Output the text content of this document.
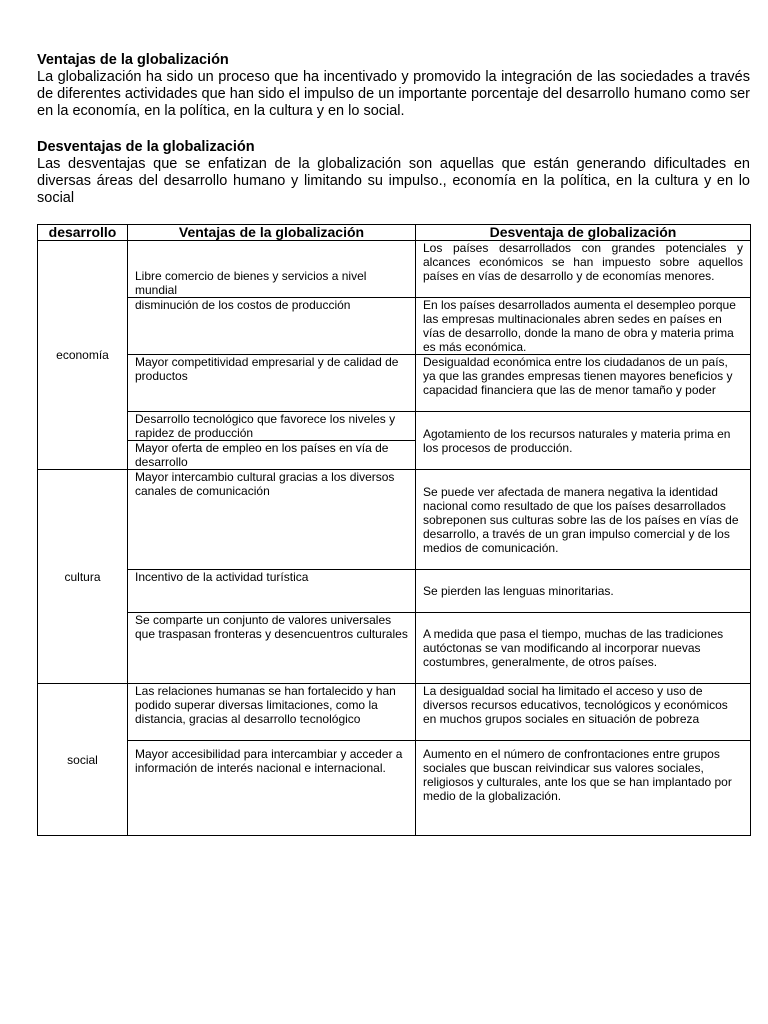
Ventajas de la globalización

La globalización ha sido un proceso que ha incentivado y promovido la integración de las sociedades a través de diferentes actividades que han sido el impulso de un importante porcentaje del desarrollo humano como ser en la economía, en la política, en la cultura y en lo social.

Desventajas de la globalización

Las desventajas que se enfatizan de la globalización son aquellas que están generando dificultades en diversas áreas del desarrollo humano y limitando su impulso., economía en la política, en la cultura y en lo social

desarrollo	Ventajas de la globalización	Desventaja de globalización
economía	Libre comercio de bienes y servicios a nivel mundial	Los países desarrollados con grandes potenciales y alcances económicos se han impuesto sobre aquellos países en vías de desarrollo y de economías menores.
	disminución de los costos de producción	En los países desarrollados aumenta el desempleo porque las empresas multinacionales abren sedes en países en vías de desarrollo, donde la mano de obra y materia prima es más económica.
	Mayor competitividad empresarial y de calidad de productos	Desigualdad económica entre los ciudadanos de un país, ya que las grandes empresas tienen mayores beneficios y capacidad financiera que las de menor tamaño y poder
	Desarrollo tecnológico que favorece los niveles y rapidez de producción	Agotamiento de los recursos naturales y materia prima en los procesos de producción.
	Mayor oferta de empleo en los países en vía de desarrollo	
cultura	Mayor intercambio cultural gracias a los diversos canales de comunicación	Se puede ver afectada de manera negativa la identidad nacional como resultado de que los países desarrollados sobreponen sus culturas sobre las de los países en vías de desarrollo, a través de un gran impulso comercial y de los medios de comunicación.
	Incentivo de la actividad turística	Se pierden las lenguas minoritarias.
	Se comparte un conjunto de valores universales que traspasan fronteras y desencuentros culturales	A medida que pasa el tiempo, muchas de las tradiciones autóctonas se van modificando al incorporar nuevas costumbres, generalmente, de otros países.
social	Las relaciones humanas se han fortalecido y han podido superar diversas limitaciones, como la distancia, gracias al desarrollo tecnológico	La desigualdad social ha limitado el acceso y uso de diversos recursos educativos, tecnológicos y económicos en muchos grupos sociales en situación de pobreza
	Mayor accesibilidad para intercambiar y acceder a información de interés nacional e internacional.	Aumento en el número de confrontaciones entre grupos sociales que buscan reivindicar sus valores sociales, religiosos y culturales, ante los que se han implantado por medio de la globalización.
